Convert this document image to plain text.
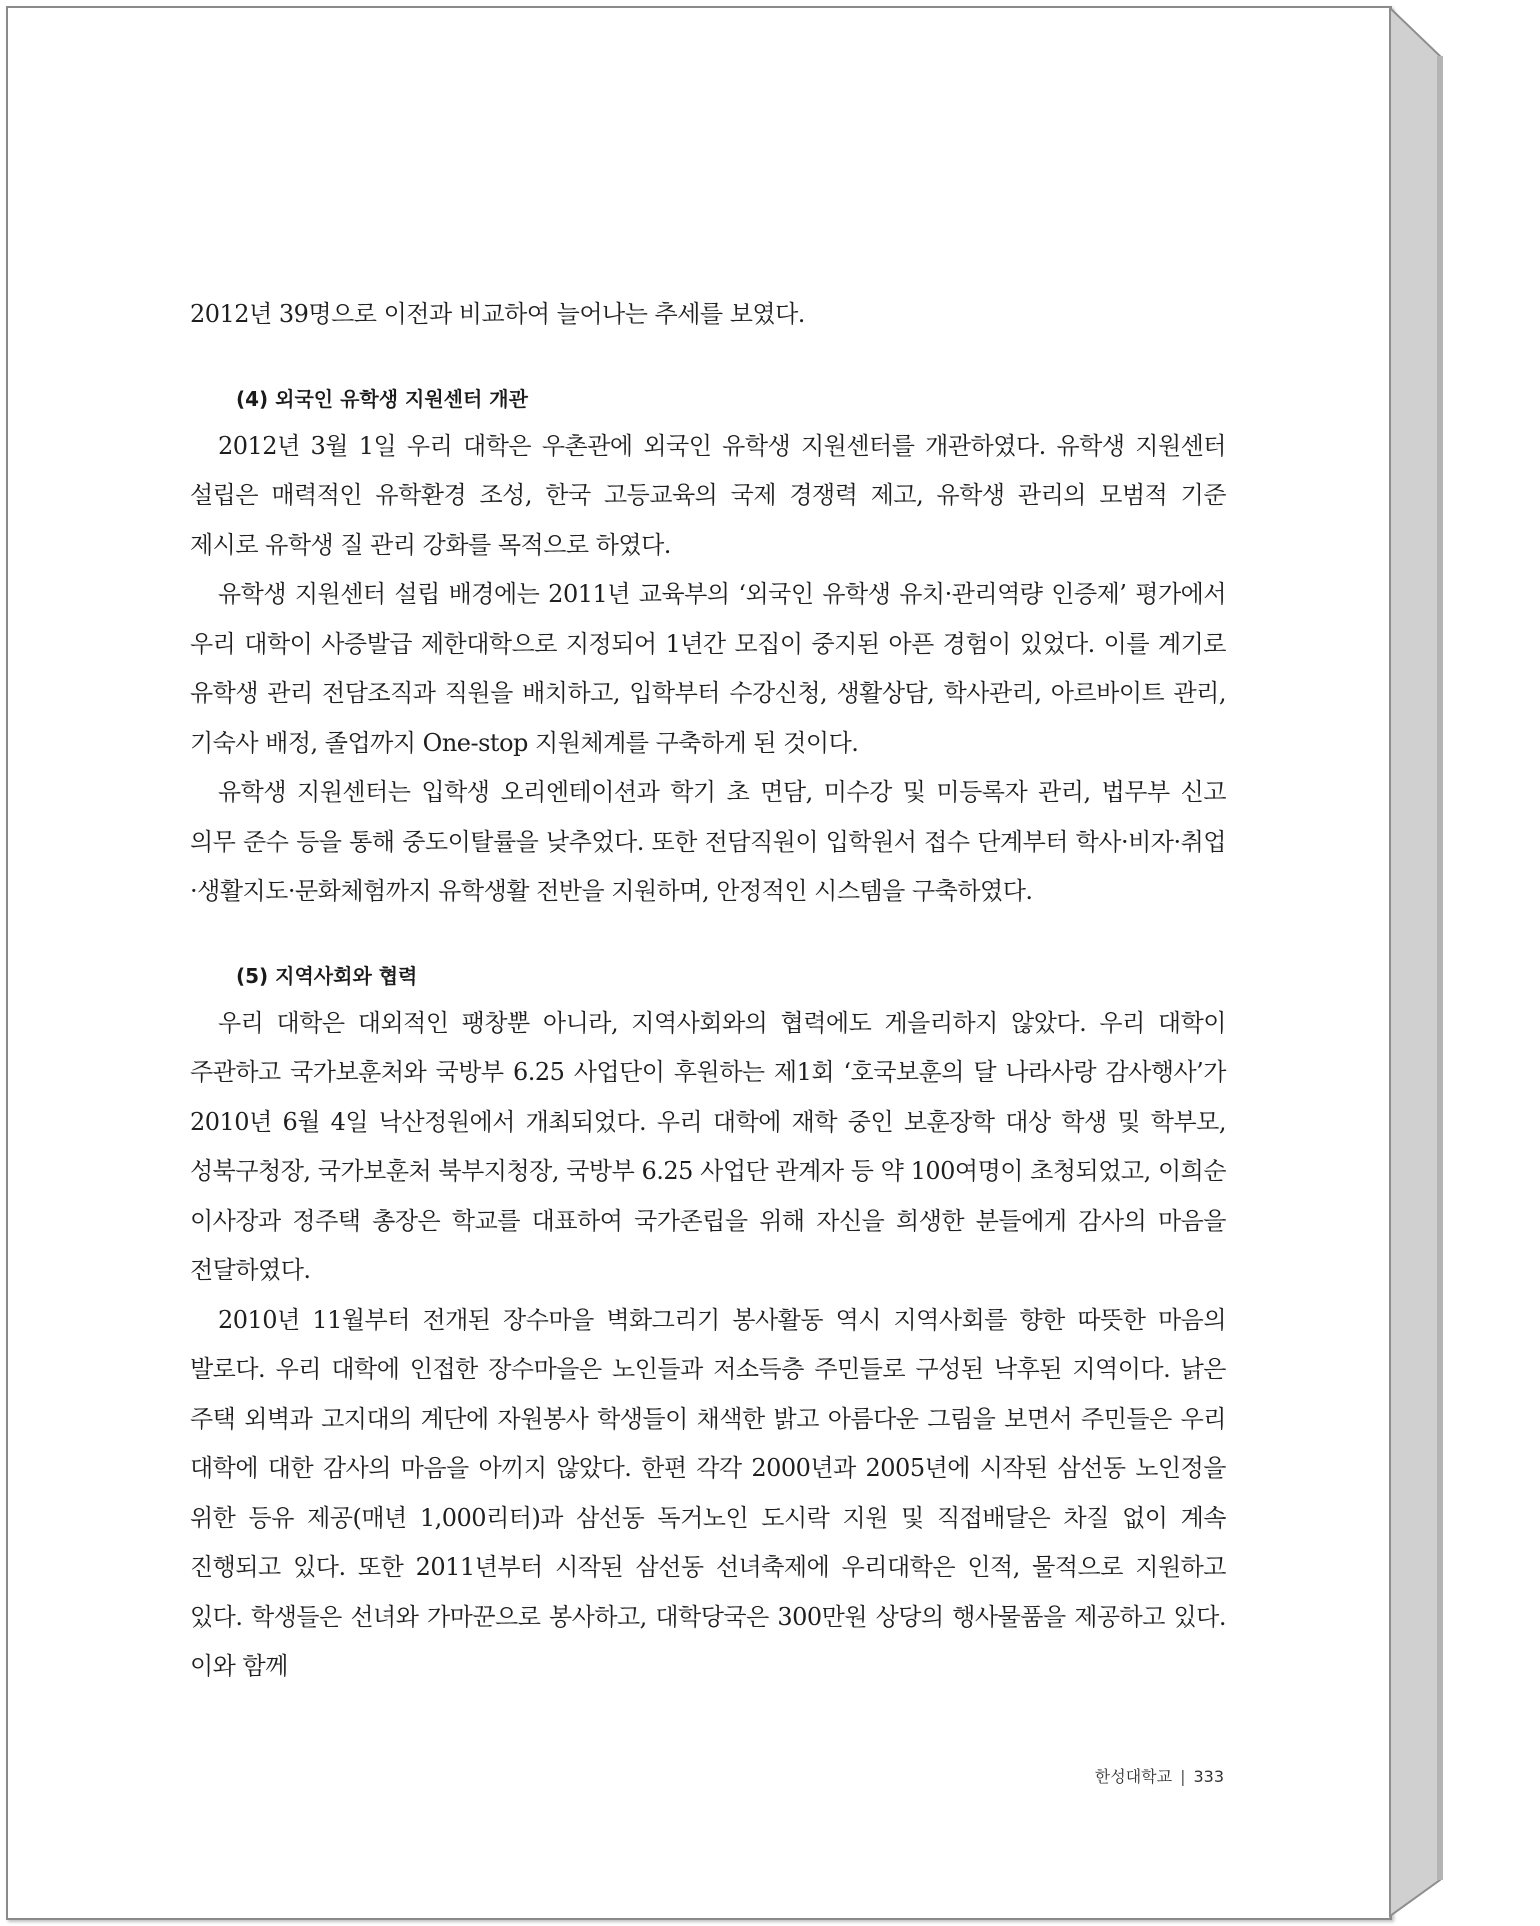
2012년 39명으로 이전과 비교하여 늘어나는 추세를 보였다.

(4) 외국인 유학생 지원센터 개관

2012년 3월 1일 우리 대학은 우촌관에 외국인 유학생 지원센터를 개관하였다. 유학생 지원센터 설립은 매력적인 유학환경 조성, 한국 고등교육의 국제 경쟁력 제고, 유학생 관리의 모범적 기준 제시로 유학생 질 관리 강화를 목적으로 하였다.

유학생 지원센터 설립 배경에는 2011년 교육부의 ‘외국인 유학생 유치·관리역량 인증제’ 평가에서 우리 대학이 사증발급 제한대학으로 지정되어 1년간 모집이 중지된 아픈 경험이 있었다. 이를 계기로 유학생 관리 전담조직과 직원을 배치하고, 입학부터 수강신청, 생활상담, 학사관리, 아르바이트 관리, 기숙사 배정, 졸업까지 One-stop 지원체계를 구축하게 된 것이다.

유학생 지원센터는 입학생 오리엔테이션과 학기 초 면담, 미수강 및 미등록자 관리, 법무부 신고 의무 준수 등을 통해 중도이탈률을 낮추었다. 또한 전담직원이 입학원서 접수 단계부터 학사·비자·취업·생활지도·문화체험까지 유학생활 전반을 지원하며, 안정적인 시스템을 구축하였다.

(5) 지역사회와 협력

우리 대학은 대외적인 팽창뿐 아니라, 지역사회와의 협력에도 게을리하지 않았다. 우리 대학이 주관하고 국가보훈처와 국방부 6.25 사업단이 후원하는 제1회 ‘호국보훈의 달 나라사랑 감사행사’가 2010년 6월 4일 낙산정원에서 개최되었다. 우리 대학에 재학 중인 보훈장학 대상 학생 및 학부모, 성북구청장, 국가보훈처 북부지청장, 국방부 6.25 사업단 관계자 등 약 100여명이 초청되었고, 이희순 이사장과 정주택 총장은 학교를 대표하여 국가존립을 위해 자신을 희생한 분들에게 감사의 마음을 전달하였다.

2010년 11월부터 전개된 장수마을 벽화그리기 봉사활동 역시 지역사회를 향한 따뜻한 마음의 발로다. 우리 대학에 인접한 장수마을은 노인들과 저소득층 주민들로 구성된 낙후된 지역이다. 낡은 주택 외벽과 고지대의 계단에 자원봉사 학생들이 채색한 밝고 아름다운 그림을 보면서 주민들은 우리 대학에 대한 감사의 마음을 아끼지 않았다. 한편 각각 2000년과 2005년에 시작된 삼선동 노인정을 위한 등유 제공(매년 1,000리터)과 삼선동 독거노인 도시락 지원 및 직접배달은 차질 없이 계속 진행되고 있다. 또한 2011년부터 시작된 삼선동 선녀축제에 우리대학은 인적, 물적으로 지원하고 있다. 학생들은 선녀와 가마꾼으로 봉사하고, 대학당국은 300만원 상당의 행사물품을 제공하고 있다. 이와 함께

한성대학교 | 333
